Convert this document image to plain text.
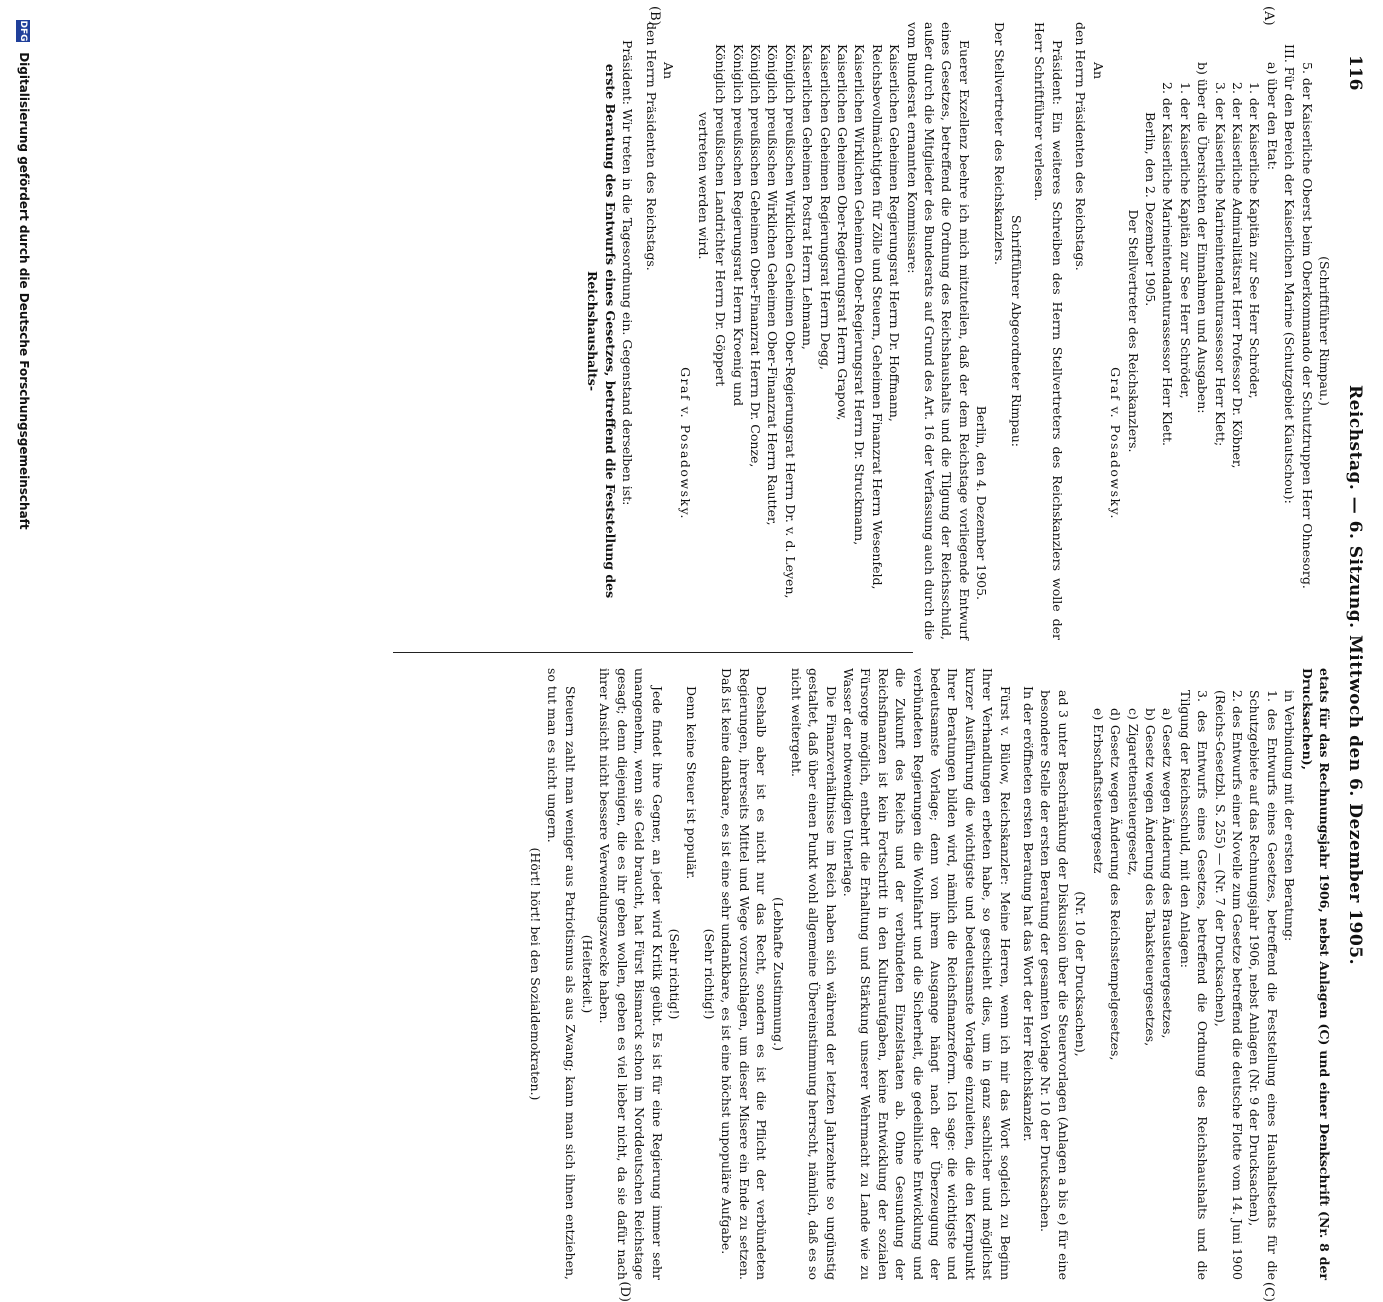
116
Reichstag. — 6. Sitzung. Mittwoch den 6. Dezember 1905.
(A)
(B)

(Schriftführer Rimpau.)

5. der Kaiserliche Oberst beim Oberkommando der Schutztruppen Herr Ohnesorg.

III. Für den Bereich der Kaiserlichen Marine (Schutzgebiet Kiautschou):

a) über den Etat:

1. der Kaiserliche Kapitän zur See Herr Schröder,

2. der Kaiserliche Admiralitätsrat Herr Professor Dr. Köbner,

3. der Kaiserliche Marineintendanturassessor Herr Klett;

b) über die Übersichten der Einnahmen und Ausgaben:

1. der Kaiserliche Kapitän zur See Herr Schröder,

2. der Kaiserliche Marineintendanturassessor Herr Klett.

Berlin, den 2. Dezember 1905.

Der Stellvertreter des Reichskanzlers.

Graf v. Posadowsky.

An

den Herrn Präsidenten des Reichstags.

Präsident: Ein weiteres Schreiben des Herrn Stellvertreters des Reichskanzlers wolle der Herr Schriftführer verlesen.

Schriftführer Abgeordneter Rimpau:

Der Stellvertreter des Reichskanzlers.

Berlin, den 4. Dezember 1905.

Euerer Exzellenz beehre ich mich mitzuteilen, daß der dem Reichstage vorliegende Entwurf eines Gesetzes, betreffend die Ordnung des Reichshaushalts und die Tilgung der Reichsschuld, außer durch die Mitglieder des Bundesrats auf Grund des Art. 16 der Verfassung auch durch die vom Bundesrat ernannten Kommissare:

Kaiserlichen Geheimen Regierungsrat Herrn Dr. Hoffmann,

Reichsbevollmächtigten für Zölle und Steuern, Geheimen Finanzrat Herrn Wesenfeld,

Kaiserlichen Wirklichen Geheimen Ober-Regierungsrat Herrn Dr. Struckmann,

Kaiserlichen Geheimen Ober-Regierungsrat Herrn Grapow,

Kaiserlichen Geheimen Regierungsrat Herrn Degg,

Kaiserlichen Geheimen Postrat Herrn Lehmann,

Königlich preußischen Wirklichen Geheimen Ober-Regierungsrat Herrn Dr. v. d. Leyen,

Königlich preußischen Wirklichen Geheimen Ober-Finanzrat Herrn Rautter,

Königlich preußischen Geheimen Ober-Finanzrat Herrn Dr. Conze,

Königlich preußischen Regierungsrat Herrn Kroenig und

Königlich preußischen Landrichter Herrn Dr. Göppert

vertreten werden wird.

Graf v. Posadowsky.

An

den Herrn Präsidenten des Reichstags.

Präsident: Wir treten in die Tagesordnung ein. Gegenstand derselben ist:

erste Beratung des Entwurfs eines Gesetzes, betreffend die Feststellung des Reichshaushalts-

(C)
(D)

etats für das Rechnungsjahr 1906, nebst Anlagen (C) und einer Denkschrift (Nr. 8 der Drucksachen),

in Verbindung mit der ersten Beratung:

1. des Entwurfs eines Gesetzes, betreffend die Feststellung eines Haushaltsetats für die Schutzgebiete auf das Rechnungsjahr 1906, nebst Anlagen (Nr. 9 der Drucksachen),

2. des Entwurfs einer Novelle zum Gesetze betreffend die deutsche Flotte vom 14. Juni 1900 (Reichs-Gesetzbl. S. 255) — (Nr. 7 der Drucksachen),

3. des Entwurfs eines Gesetzes, betreffend die Ordnung des Reichshaushalts und die Tilgung der Reichsschuld, mit den Anlagen:

a) Gesetz wegen Änderung des Brausteuergesetzes,

b) Gesetz wegen Änderung des Tabaksteuergesetzes,

c) Zigarettensteuergesetz,

d) Gesetz wegen Änderung des Reichsstempelgesetzes,

e) Erbschaftssteuergesetz

(Nr. 10 der Drucksachen),

ad 3 unter Beschränkung der Diskussion über die Steuervorlagen (Anlagen a bis e) für eine besondere Stelle der ersten Beratung der gesamten Vorlage Nr. 10 der Drucksachen.

In der eröffneten ersten Beratung hat das Wort der Herr Reichskanzler.

Fürst v. Bülow, Reichskanzler: Meine Herren, wenn ich mir das Wort sogleich zu Beginn Ihrer Verhandlungen erbeten habe, so geschieht dies, um in ganz sachlicher und möglichst kurzer Ausführung die wichtigste und bedeutsamste Vorlage einzuleiten, die den Kernpunkt Ihrer Beratungen bilden wird, nämlich die Reichsfinanzreform. Ich sage: die wichtigste und bedeutsamste Vorlage; denn von ihrem Ausgange hängt nach der Überzeugung der verbündeten Regierungen die Wohlfahrt und die Sicherheit, die gedeihliche Entwicklung und die Zukunft des Reichs und der verbündeten Einzelstaaten ab. Ohne Gesundung der Reichsfinanzen ist kein Fortschritt in den Kulturaufgaben, keine Entwicklung der sozialen Fürsorge möglich, entbehrt die Erhaltung und Stärkung unserer Wehrmacht zu Lande wie zu Wasser der notwendigen Unterlage.

Die Finanzverhältnisse im Reich haben sich während der letzten Jahrzehnte so ungünstig gestaltet, daß über einen Punkt wohl allgemeine Übereinstimmung herrscht, nämlich, daß es so nicht weitergeht.

(Lebhafte Zustimmung.)

Deshalb aber ist es nicht nur das Recht, sondern es ist die Pflicht der verbündeten Regierungen, ihrerseits Mittel und Wege vorzuschlagen, um dieser Misere ein Ende zu setzen. Daß ist keine dankbare, es ist eine sehr undankbare, es ist eine höchst unpopuläre Aufgabe.

(Sehr richtig!)

Denn keine Steuer ist populär.

(Sehr richtig!)

Jede findet ihre Gegner, an jeder wird Kritik geübt. Es ist für eine Regierung immer sehr unangenehm, wenn sie Geld braucht, hat Fürst Bismarck schon im Norddeutschen Reichstage gesagt; denn diejenigen, die es ihr geben wollen, geben es viel lieber nicht, da sie dafür nach ihrer Ansicht nicht bessere Verwendungszwecke haben.

(Heiterkeit.)

Steuern zahlt man weniger aus Patriotismus als aus Zwang; kann man sich ihnen entziehen, so tut man es nicht ungern.

(Hört! hört! bei den Sozialdemokraten.)

DFG Digitalisierung gefördert durch die Deutsche Forschungsgemeinschaft
